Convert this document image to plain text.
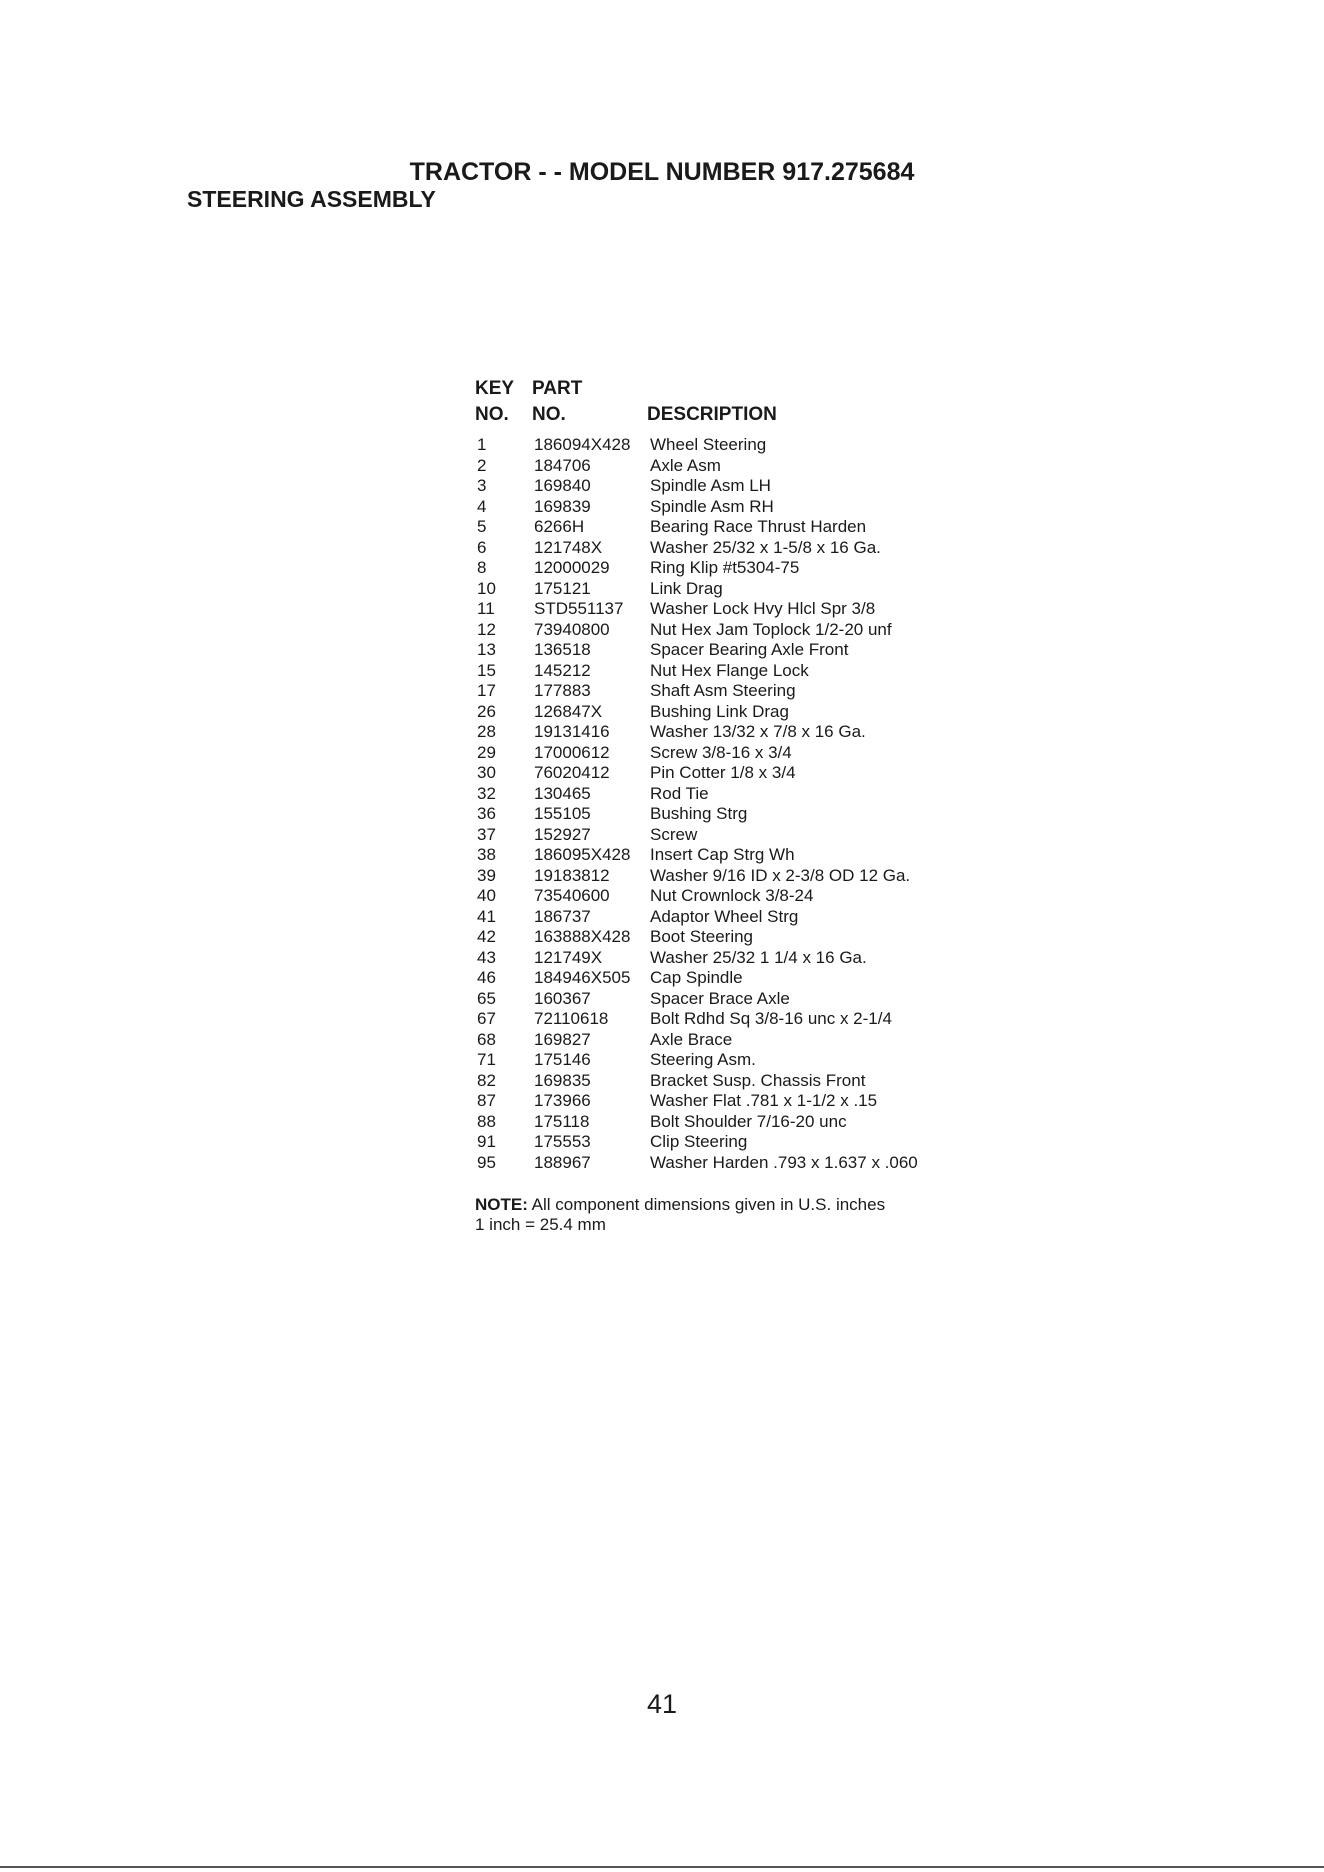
TRACTOR - - MODEL NUMBER 917.275684
STEERING ASSEMBLY
KEY PART
NO. NO.	DESCRIPTION
1	186094X428 Wheel Steering
2	184706	Axle Asm
3	169840	Spindle Asm LH
4	169839	Spindle Asm RH
5	6266H	Bearing Race Thrust Harden
6	121748X	Washer 25/32 x 1-5/8 x 16 Ga.
8	12000029 Ring Klip #t5304-75
10 175121	Link Drag
11 STD551137 Washer Lock Hvy Hlcl Spr 3/8
12 73940800 Nut Hex Jam Toplock 1/2-20 unf
13 136518	Spacer Bearing Axle Front
15 145212	Nut Hex Flange Lock
17 177883	Shaft Asm Steering
26 126847X	Bushing Link Drag
28 19131416 Washer 13/32 x 7/8 x 16 Ga.
29 17000612 Screw 3/8-16 x 3/4
30 76020412 Pin Cotter 1/8 x 3/4
32 130465	Rod Tie
36 155105	Bushing Strg
37 152927	Screw
38 186095X428 Insert Cap Strg Wh
39 19183812 Washer 9/16 ID x 2-3/8 OD 12 Ga.
40 73540600 Nut Crownlock 3/8-24
41 186737	Adaptor Wheel Strg
42 163888X428 Boot Steering
43 121749X	Washer 25/32 1 1/4 x 16 Ga.
46 184946X505 Cap Spindle
65 160367	Spacer Brace Axle
67 72110618 Bolt Rdhd Sq 3/8-16 unc x 2-1/4
68 169827	Axle Brace
71 175146	Steering Asm.
82 169835	Bracket Susp. Chassis Front
87 173966	Washer Flat .781 x 1-1/2 x .15
88 175118	Bolt Shoulder 7/16-20 unc
91 175553	Clip Steering
95 188967	Washer Harden .793 x 1.637 x .060
NOTE: All component dimensions given in U.S. inches
1 inch = 25.4 mm
41
